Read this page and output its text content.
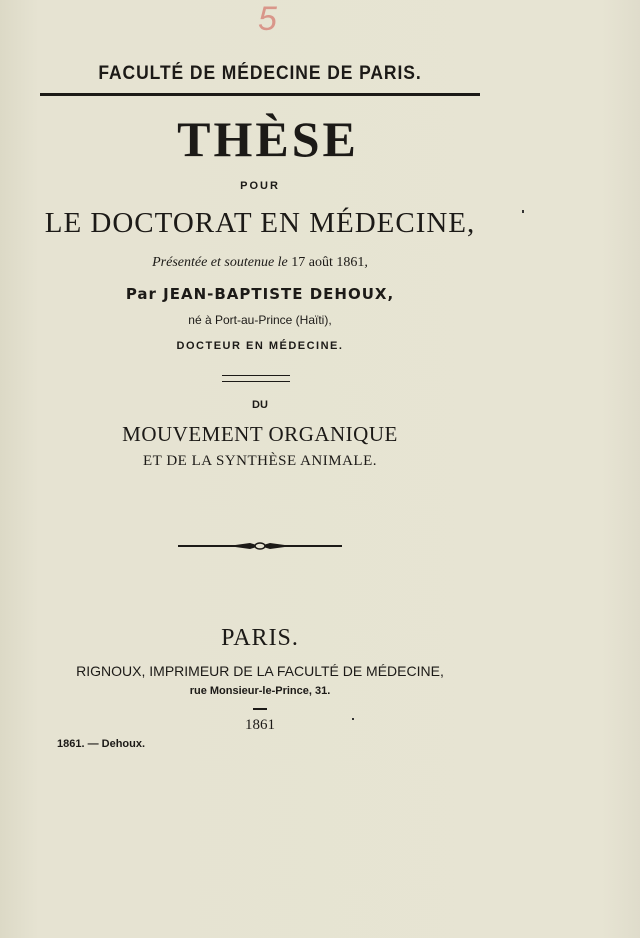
5
FACULTÉ DE MÉDECINE DE PARIS.
THÈSE
POUR
LE DOCTORAT EN MÉDECINE,
Présentée et soutenue le 17 août 1861,
Par JEAN-BAPTISTE DEHOUX,
né à Port-au-Prince (Haïti),
DOCTEUR EN MÉDECINE.
DU
MOUVEMENT ORGANIQUE
ET DE LA SYNTHÈSE ANIMALE.
PARIS.
RIGNOUX, IMPRIMEUR DE LA FACULTÉ DE MÉDECINE,
rue Monsieur-le-Prince, 31.
1861
1861. — Dehoux.
